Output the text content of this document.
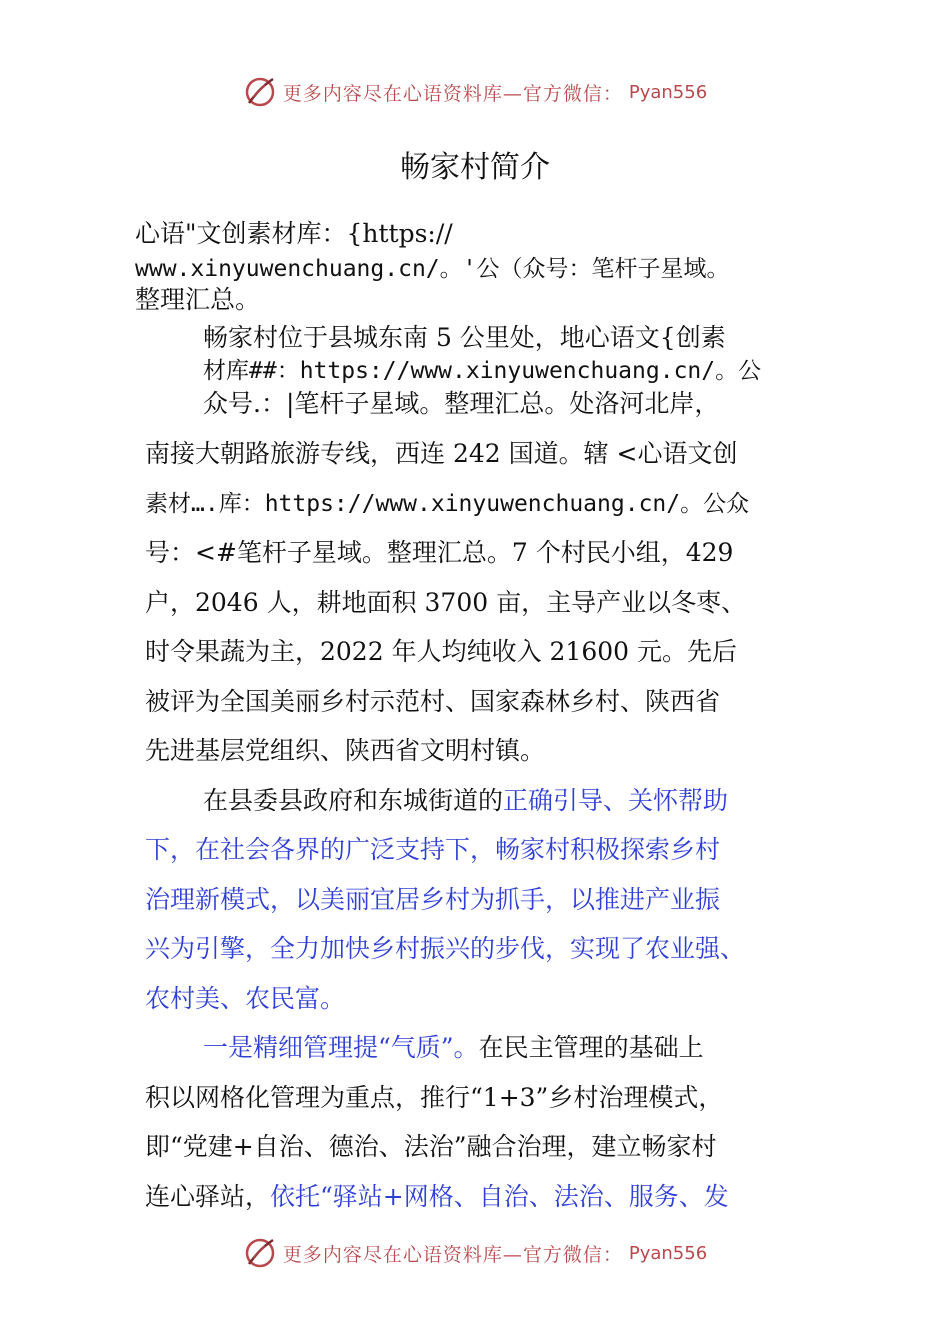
更多内容尽在心语资料库—官方微信： Pyan556
畅家村简介
心语"文创素材库：{https://
www.xinyuwenchuang.cn/。'公（众号：笔杆子星域。
整理汇总。
畅家村位于县城东南 5 公里处，地心语文{创素
材库##：https://www.xinyuwenchuang.cn/。公
众号.：|笔杆子星域。整理汇总。处洛河北岸，
南接大朝路旅游专线，西连 242 国道。辖 <心语文创
素材….库：https://www.xinyuwenchuang.cn/。公众
号：<#笔杆子星域。整理汇总。7 个村民小组，429
户，2046 人，耕地面积 3700 亩，主导产业以冬枣、
时令果蔬为主，2022 年人均纯收入 21600 元。先后
被评为全国美丽乡村示范村、国家森林乡村、陕西省
先进基层党组织、陕西省文明村镇。
在县委县政府和东城街道的正确引导、关怀帮助
下，在社会各界的广泛支持下，畅家村积极探索乡村
治理新模式，以美丽宜居乡村为抓手，以推进产业振
兴为引擎，全力加快乡村振兴的步伐，实现了农业强、
农村美、农民富。
一是精细管理提“气质”。在民主管理的基础上
积以网格化管理为重点，推行“1+3”乡村治理模式，
即“党建+自治、德治、法治”融合治理，建立畅家村
连心驿站，依托“驿站+网格、自治、法治、服务、发
更多内容尽在心语资料库—官方微信： Pyan556
